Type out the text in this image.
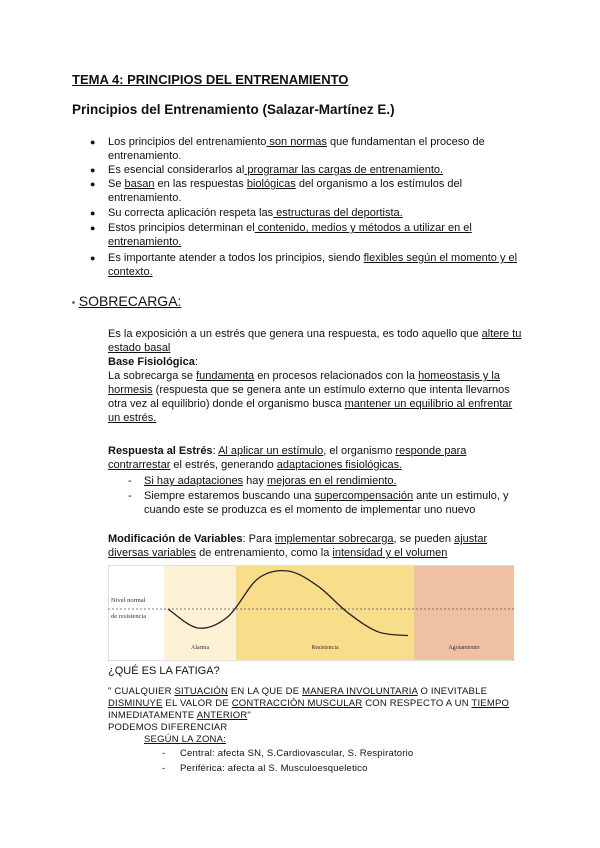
TEMA 4: PRINCIPIOS DEL ENTRENAMIENTO
Principios del Entrenamiento (Salazar-Martínez E.)
● Los principios del entrenamiento son normas que fundamentan el proceso de
entrenamiento.
● Es esencial considerarlos al programar las cargas de entrenamiento.
● Se basan en las respuestas biológicas del organismo a los estímulos del
entrenamiento.
● Su correcta aplicación respeta las estructuras del deportista.
● Estos principios determinan el contenido, medios y métodos a utilizar en el
entrenamiento.
● Es importante atender a todos los principios, siendo flexibles según el momento y el
contexto.
▪ SOBRECARGA:
Es la exposición a un estrés que genera una respuesta, es todo aquello que altere tu
estado basal
Base Fisiológica:
La sobrecarga se fundamenta en procesos relacionados con la homeostasis y la
hormesis (respuesta que se genera ante un estímulo externo que intenta llevarnos
otra vez al equilibrio) donde el organismo busca mantener un equilibrio al enfrentar
un estrés.
Respuesta al Estrés: Al aplicar un estímulo, el organismo responde para
contrarrestar el estrés, generando adaptaciones fisiológicas.
- Si hay adaptaciones hay mejoras en el rendimiento.
- Siempre estaremos buscando una supercompensación ante un estimulo, y
cuando este se produzca es el momento de implementar uno nuevo
Modificación de Variables: Para implementar sobrecarga, se pueden ajustar
diversas variables de entrenamiento, como la intensidad y el volumen
Nivel normal
de resistencia
Alarma	Resistencia	Agotamiento
¿QUÉ ES LA FATIGA?
" CUALQUIER SITUACIÓN EN LA QUE DE MANERA INVOLUNTARIA O INEVITABLE
DISMINUYE EL VALOR DE CONTRACCIÓN MUSCULAR CON RESPECTO A UN TIEMPO
INMEDIATAMENTE ANTERIOR"
PODEMOS DIFERENCIAR
SEGÚN LA ZONA:
- Central: afecta SN, S.Cardiovascular, S. Respiratorio
- Periférica: afecta al S. Musculoesqueletico
